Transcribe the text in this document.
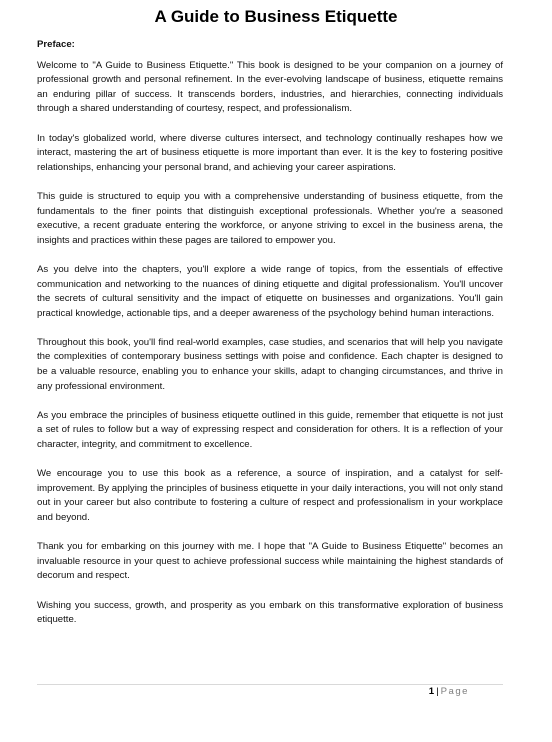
A Guide to Business Etiquette

Preface:

Welcome to "A Guide to Business Etiquette." This book is designed to be your companion on a journey of professional growth and personal refinement. In the ever-evolving landscape of business, etiquette remains an enduring pillar of success. It transcends borders, industries, and hierarchies, connecting individuals through a shared understanding of courtesy, respect, and professionalism.

In today's globalized world, where diverse cultures intersect, and technology continually reshapes how we interact, mastering the art of business etiquette is more important than ever. It is the key to fostering positive relationships, enhancing your personal brand, and achieving your career aspirations.

This guide is structured to equip you with a comprehensive understanding of business etiquette, from the fundamentals to the finer points that distinguish exceptional professionals. Whether you're a seasoned executive, a recent graduate entering the workforce, or anyone striving to excel in the business arena, the insights and practices within these pages are tailored to empower you.

As you delve into the chapters, you'll explore a wide range of topics, from the essentials of effective communication and networking to the nuances of dining etiquette and digital professionalism. You'll uncover the secrets of cultural sensitivity and the impact of etiquette on businesses and organizations. You'll gain practical knowledge, actionable tips, and a deeper awareness of the psychology behind human interactions.

Throughout this book, you'll find real-world examples, case studies, and scenarios that will help you navigate the complexities of contemporary business settings with poise and confidence. Each chapter is designed to be a valuable resource, enabling you to enhance your skills, adapt to changing circumstances, and thrive in any professional environment.

As you embrace the principles of business etiquette outlined in this guide, remember that etiquette is not just a set of rules to follow but a way of expressing respect and consideration for others. It is a reflection of your character, integrity, and commitment to excellence.

We encourage you to use this book as a reference, a source of inspiration, and a catalyst for self-improvement. By applying the principles of business etiquette in your daily interactions, you will not only stand out in your career but also contribute to fostering a culture of respect and professionalism in your workplace and beyond.

Thank you for embarking on this journey with me. I hope that "A Guide to Business Etiquette" becomes an invaluable resource in your quest to achieve professional success while maintaining the highest standards of decorum and respect.

Wishing you success, growth, and prosperity as you embark on this transformative exploration of business etiquette.

1 | Page
